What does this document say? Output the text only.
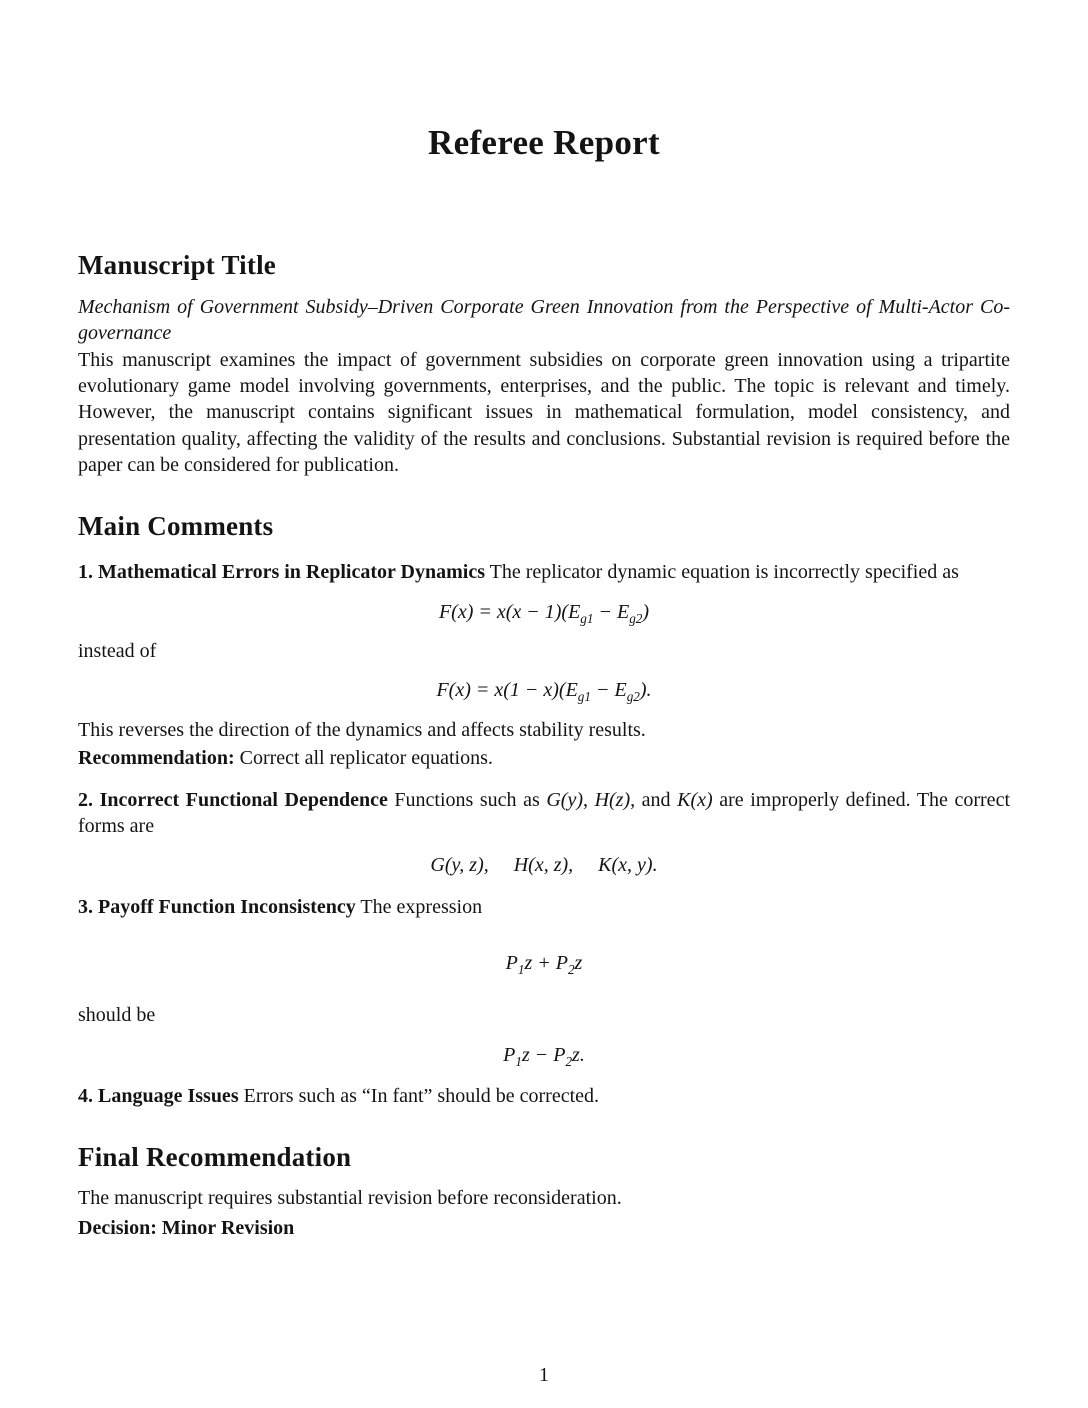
Referee Report
Manuscript Title

Mechanism of Government Subsidy–Driven Corporate Green Innovation from the Perspective of Multi-Actor Co-governance

This manuscript examines the impact of government subsidies on corporate green innovation using a tripartite evolutionary game model involving governments, enterprises, and the public. The topic is relevant and timely. However, the manuscript contains significant issues in mathematical formulation, model consistency, and presentation quality, affecting the validity of the results and conclusions. Substantial revision is required before the paper can be considered for publication.

Main Comments

1. Mathematical Errors in Replicator Dynamics The replicator dynamic equation is incorrectly specified as

$F(x) = x(x - 1)(E_{g1} - E_{g2})$

instead of

$F(x) = x(1 - x)(E_{g1} - E_{g2})$.

This reverses the direction of the dynamics and affects stability results.

Recommendation: Correct all replicator equations.

2. Incorrect Functional Dependence Functions such as G(y), H(z), and K(x) are improperly defined. The correct forms are

G(y, z),  H(x, z),  K(x, y).

3. Payoff Function Inconsistency The expression

$P_1z + P_2z$

should be

$P_1z - P_2z$.

4. Language Issues Errors such as “In fant” should be corrected.

Final Recommendation

The manuscript requires substantial revision before reconsideration.

Decision: Minor Revision

1
